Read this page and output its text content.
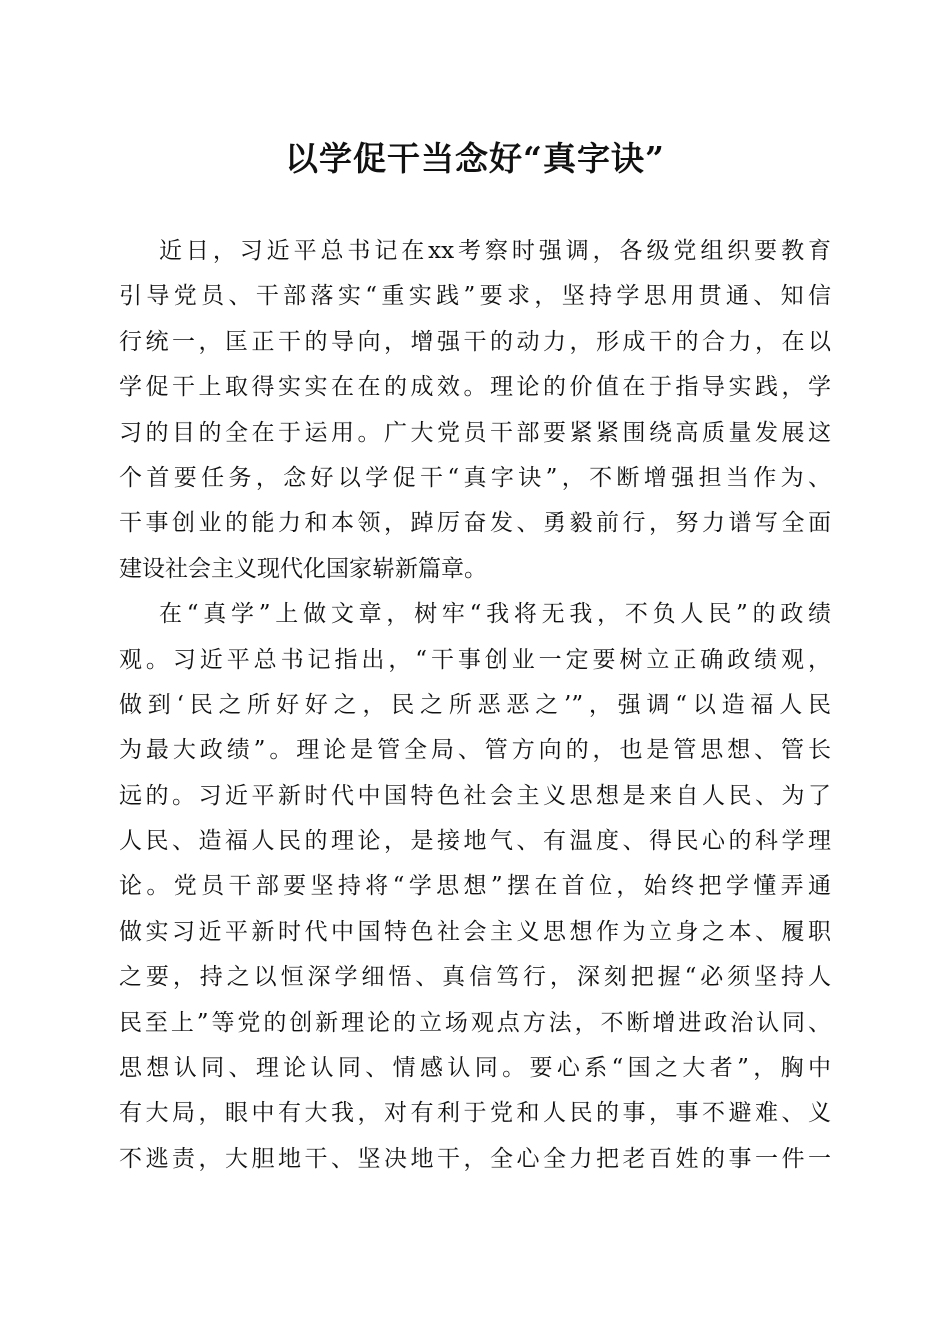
以学促干当念好“真字诀”
近日，习近平总书记在xx考察时强调，各级党组织要教育
引导党员、干部落实“重实践”要求，坚持学思用贯通、知信
行统一，匡正干的导向，增强干的动力，形成干的合力，在以
学促干上取得实实在在的成效。理论的价值在于指导实践，学
习的目的全在于运用。广大党员干部要紧紧围绕高质量发展这
个首要任务，念好以学促干“真字诀”，不断增强担当作为、
干事创业的能力和本领，踔厉奋发、勇毅前行，努力谱写全面
建设社会主义现代化国家崭新篇章。
在“真学”上做文章，树牢“我将无我，不负人民”的政绩
观。习近平总书记指出，“干事创业一定要树立正确政绩观，
做到‘民之所好好之，民之所恶恶之’”，强调“以造福人民
为最大政绩”。理论是管全局、管方向的，也是管思想、管长
远的。习近平新时代中国特色社会主义思想是来自人民、为了
人民、造福人民的理论，是接地气、有温度、得民心的科学理
论。党员干部要坚持将“学思想”摆在首位，始终把学懂弄通
做实习近平新时代中国特色社会主义思想作为立身之本、履职
之要，持之以恒深学细悟、真信笃行，深刻把握“必须坚持人
民至上”等党的创新理论的立场观点方法，不断增进政治认同、
思想认同、理论认同、情感认同。要心系“国之大者”，胸中
有大局，眼中有大我，对有利于党和人民的事，事不避难、义
不逃责，大胆地干、坚决地干，全心全力把老百姓的事一件一
